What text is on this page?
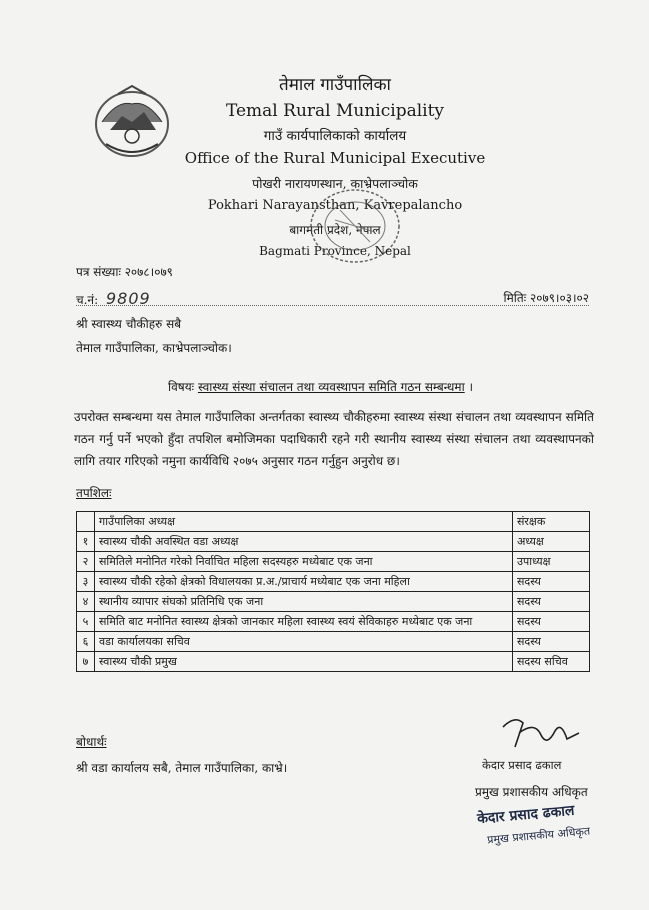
तेमाल गाउँपालिका
Temal Rural Municipality
गाउँ कार्यपालिकाको कार्यालय
Office of the Rural Municipal Executive
पोखरी नारायणस्थान, काभ्रेपलाञ्चोक
Pokhari Narayansthan, Kavrepalancho
बागमती प्रदेश, नेपाल
Bagmati Province, Nepal
पत्र संख्याः २०७८।०७९
च.नं: 9809	मितिः २०७९।०३।०२
श्री स्वास्थ्य चौकीहरु सबै
तेमाल गाउँपालिका, काभ्रेपलाञ्चोक।
विषयः स्वास्थ्य संस्था संचालन तथा व्यवस्थापन समिति गठन सम्बन्धमा ।
उपरोक्त सम्बन्धमा यस तेमाल गाउँपालिका अन्तर्गतका स्वास्थ्य चौकीहरुमा स्वास्थ्य संस्था संचालन तथा व्यवस्थापन समिति गठन गर्नु पर्ने भएको हुँदा तपशिल बमोजिमका पदाधिकारी रहने गरी स्थानीय स्वास्थ्य संस्था संचालन तथा व्यवस्थापनको लागि तयार गरिएको नमुना कार्यविधि २०७५ अनुसार गठन गर्नुहुन अनुरोध छ।
तपशिलः
	गाउँपालिका अध्यक्ष	संरक्षक
१	स्वास्थ्य चौकी अवस्थित वडा अध्यक्ष	अध्यक्ष
२	समितिले मनोनित गरेको निर्वाचित महिला सदस्यहरु मध्येबाट एक जना	उपाध्यक्ष
३	स्वास्थ्य चौकी रहेको क्षेत्रको विधालयका प्र.अ./प्राचार्य मध्येबाट एक जना महिला	सदस्य
४	स्थानीय व्यापार संघको प्रतिनिधि एक जना	सदस्य
५	समिति बाट मनोनित स्वास्थ्य क्षेत्रको जानकार महिला स्वास्थ्य स्वयं सेविकाहरु मध्येबाट एक जना	सदस्य
६	वडा कार्यालयका सचिव	सदस्य
७	स्वास्थ्य चौकी प्रमुख	सदस्य सचिव
बोधार्थः
श्री वडा कार्यालय सबै, तेमाल गाउँपालिका, काभ्रे।	केदार प्रसाद ढकाल
प्रमुख प्रशासकीय अधिकृत
केदार प्रसाद ढकाल
प्रमुख प्रशासकीय अधिकृत
